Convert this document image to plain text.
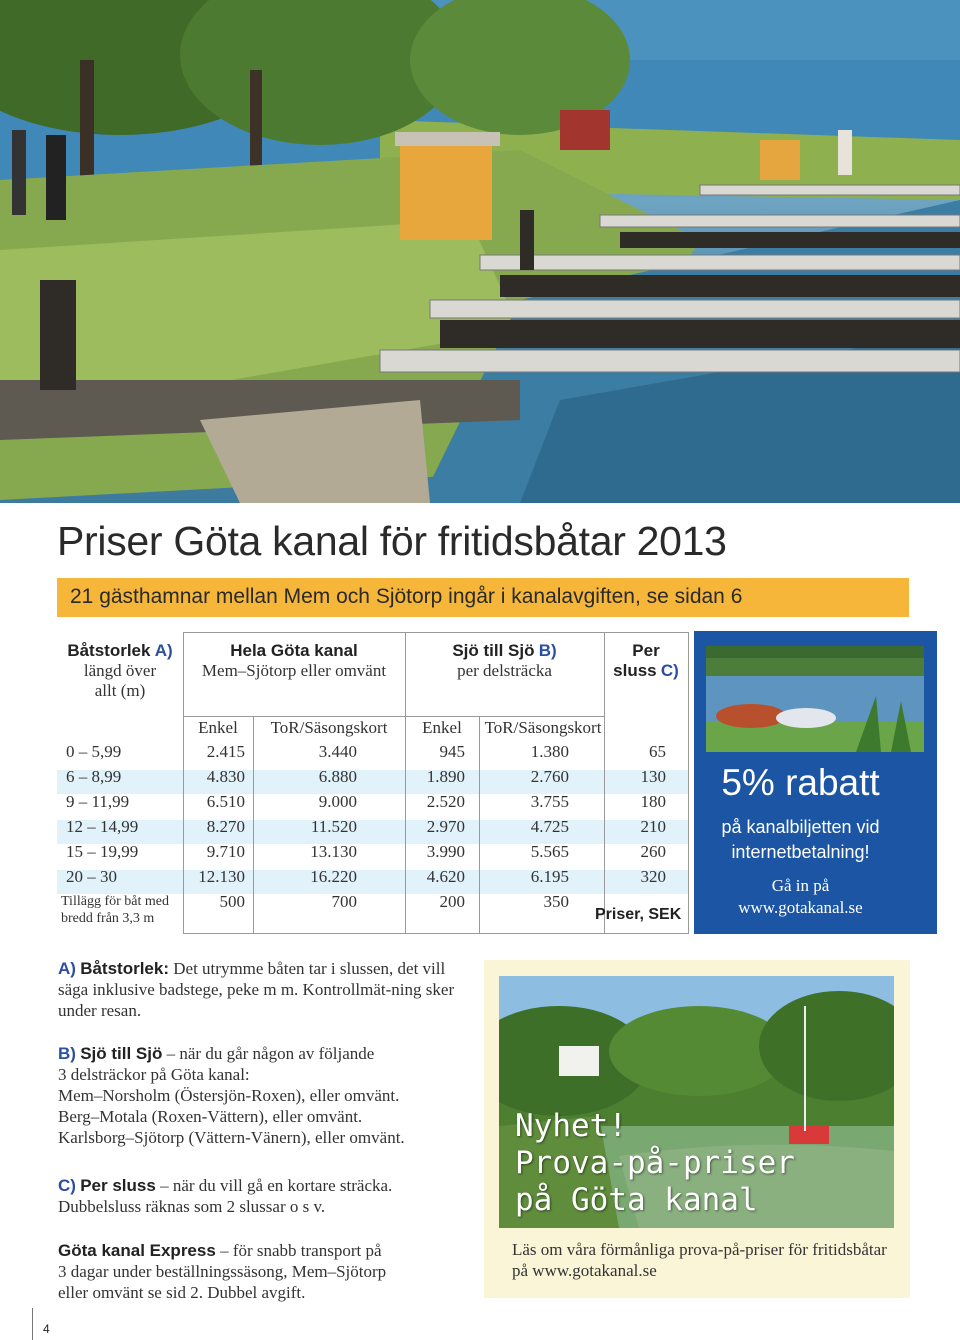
Priser Göta kanal för fritidsbåtar 2013
21 gästhamnar mellan Mem och Sjötorp ingår i kanalavgiften, se sidan 6
Båtstorlek A)
längd över
allt (m)
Hela Göta kanal
Mem–Sjötorp eller omvänt
Sjö till Sjö B)
per delsträcka
Per
sluss C)
Enkel	ToR/Säsongskort	Enkel	ToR/Säsongskort
0 – 5,99	2.415	3.440	945	1.380	65
6 – 8,99	4.830	6.880	1.890	2.760	130
9 – 11,99	6.510	9.000	2.520	3.755	180
12 – 14,99	8.270	11.520	2.970	4.725	210
15 – 19,99	9.710	13.130	3.990	5.565	260
20 – 30	12.130	16.220	4.620	6.195	320
Tillägg för båt med
bredd från 3,3 m
500	700	200	350
Priser, SEK
5% rabatt
på kanalbiljetten vid
internetbetalning!
Gå in på
www.gotakanal.se
A) Båtstorlek: Det utrymme båten tar i slussen, det vill säga inklusive badstege, peke m m. Kontrollmät-ning sker under resan.
B) Sjö till Sjö – när du går någon av följande
3 delsträckor på Göta kanal:
Mem–Norsholm (Östersjön-Roxen), eller omvänt.
Berg–Motala (Roxen-Vättern), eller omvänt.
Karlsborg–Sjötorp (Vättern-Vänern), eller omvänt.
C) Per sluss – när du vill gå en kortare sträcka.
Dubbelsluss räknas som 2 slussar o s v.
Göta kanal Express – för snabb transport på
3 dagar under beställningssäsong, Mem–Sjötorp
eller omvänt se sid 2. Dubbel avgift.
Nyhet!
Prova-på-priser
på Göta kanal
Läs om våra förmånliga prova-på-priser för fritidsbåtar på www.gotakanal.se
4
